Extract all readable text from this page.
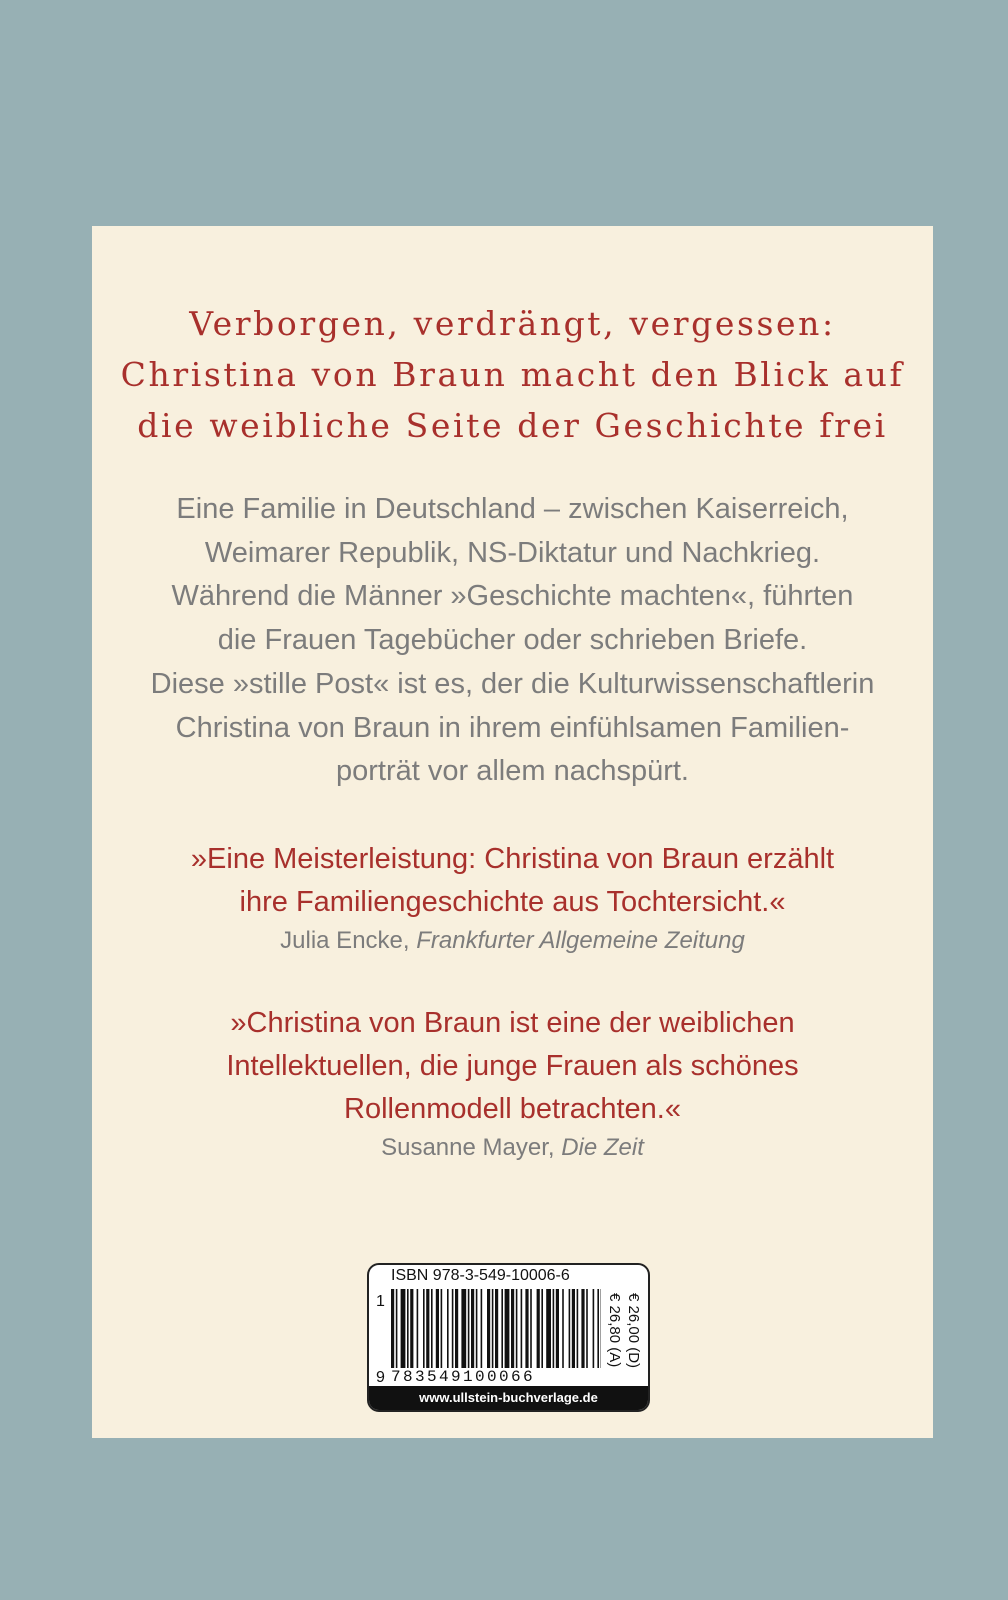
Verborgen, verdrängt, vergessen:
Christina von Braun macht den Blick auf
die weibliche Seite der Geschichte frei
Eine Familie in Deutschland – zwischen Kaiserreich,
Weimarer Republik, NS-Diktatur und Nachkrieg.
Während die Männer »Geschichte machten«, führten
die Frauen Tagebücher oder schrieben Briefe.
Diese »stille Post« ist es, der die Kulturwissenschaftlerin
Christina von Braun in ihrem einfühlsamen Familien-
porträt vor allem nachspürt.
»Eine Meisterleistung: Christina von Braun erzählt
ihre Familiengeschichte aus Tochtersicht.«
Julia Encke, Frankfurter Allgemeine Zeitung
»Christina von Braun ist eine der weiblichen
Intellektuellen, die junge Frauen als schönes
Rollenmodell betrachten.«
Susanne Mayer, Die Zeit
ISBN 978-3-549-10006-6
1
9 783549100066
€ 26,00 (D)
€ 26,80 (A)
www.ullstein-buchverlage.de
